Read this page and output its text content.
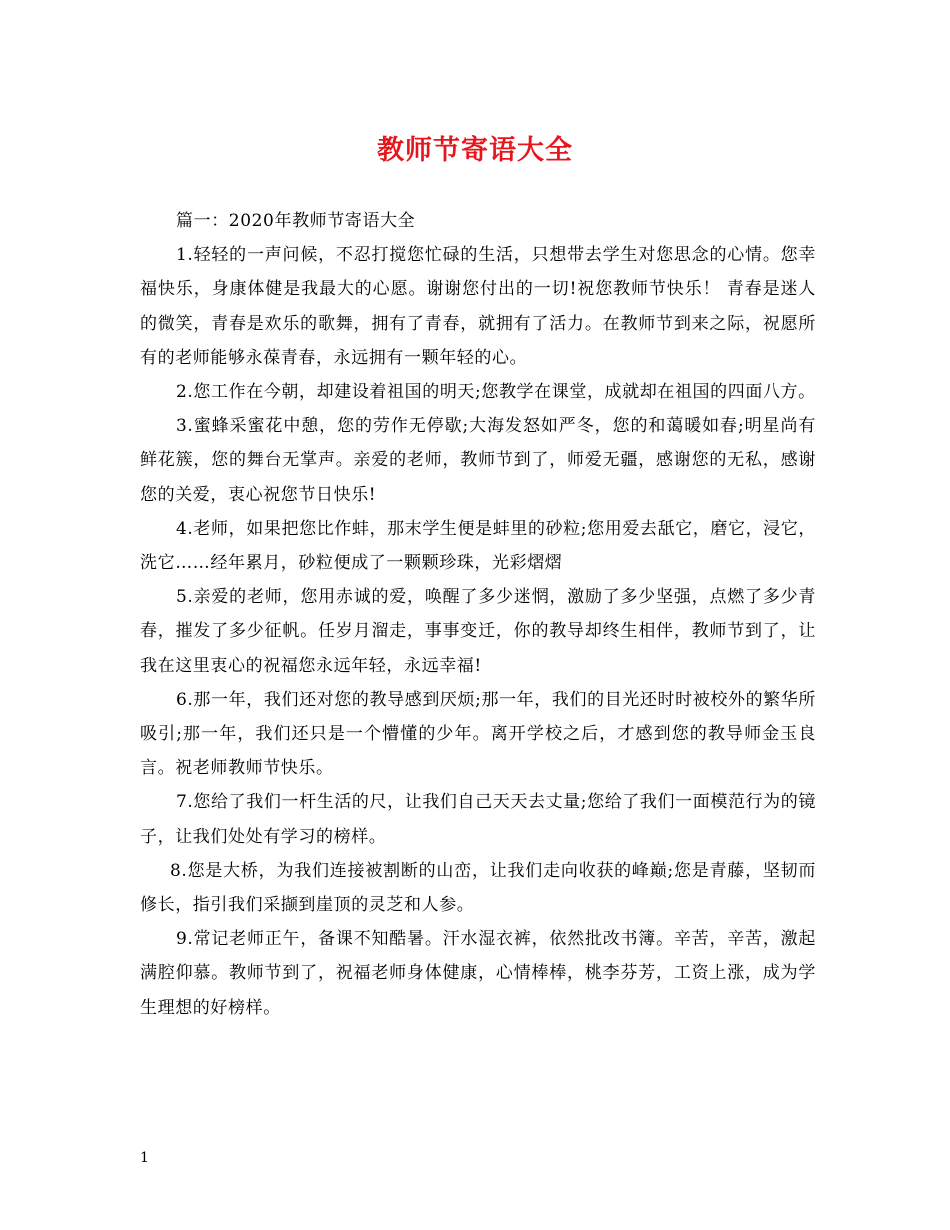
教师节寄语大全

篇一：2020年教师节寄语大全

1.轻轻的一声问候，不忍打搅您忙碌的生活，只想带去学生对您思念的心情。您幸福快乐，身康体健是我最大的心愿。谢谢您付出的一切!祝您教师节快乐！ 青春是迷人的微笑，青春是欢乐的歌舞，拥有了青春，就拥有了活力。在教师节到来之际，祝愿所有的老师能够永葆青春，永远拥有一颗年轻的心。

2.您工作在今朝，却建设着祖国的明天;您教学在课堂，成就却在祖国的四面八方。

3.蜜蜂采蜜花中憩，您的劳作无停歇;大海发怒如严冬，您的和蔼暖如春;明星尚有鲜花簇，您的舞台无掌声。亲爱的老师，教师节到了，师爱无疆，感谢您的无私，感谢您的关爱，衷心祝您节日快乐!

4.老师，如果把您比作蚌，那末学生便是蚌里的砂粒;您用爱去舐它，磨它，浸它，洗它……经年累月，砂粒便成了一颗颗珍珠，光彩熠熠

5.亲爱的老师，您用赤诚的爱，唤醒了多少迷惘，激励了多少坚强，点燃了多少青春，摧发了多少征帆。任岁月溜走，事事变迁，你的教导却终生相伴，教师节到了，让我在这里衷心的祝福您永远年轻，永远幸福!

6.那一年，我们还对您的教导感到厌烦;那一年，我们的目光还时时被校外的繁华所吸引;那一年，我们还只是一个懵懂的少年。离开学校之后，才感到您的教导师金玉良言。祝老师教师节快乐。

7.您给了我们一杆生活的尺，让我们自己天天去丈量;您给了我们一面模范行为的镜子，让我们处处有学习的榜样。

8.您是大桥，为我们连接被割断的山峦，让我们走向收获的峰巅;您是青藤，坚韧而修长，指引我们采撷到崖顶的灵芝和人参。

9.常记老师正午，备课不知酷暑。汗水湿衣裤，依然批改书簿。辛苦，辛苦，激起满腔仰慕。教师节到了，祝福老师身体健康，心情棒棒，桃李芬芳，工资上涨，成为学生理想的好榜样。

1
